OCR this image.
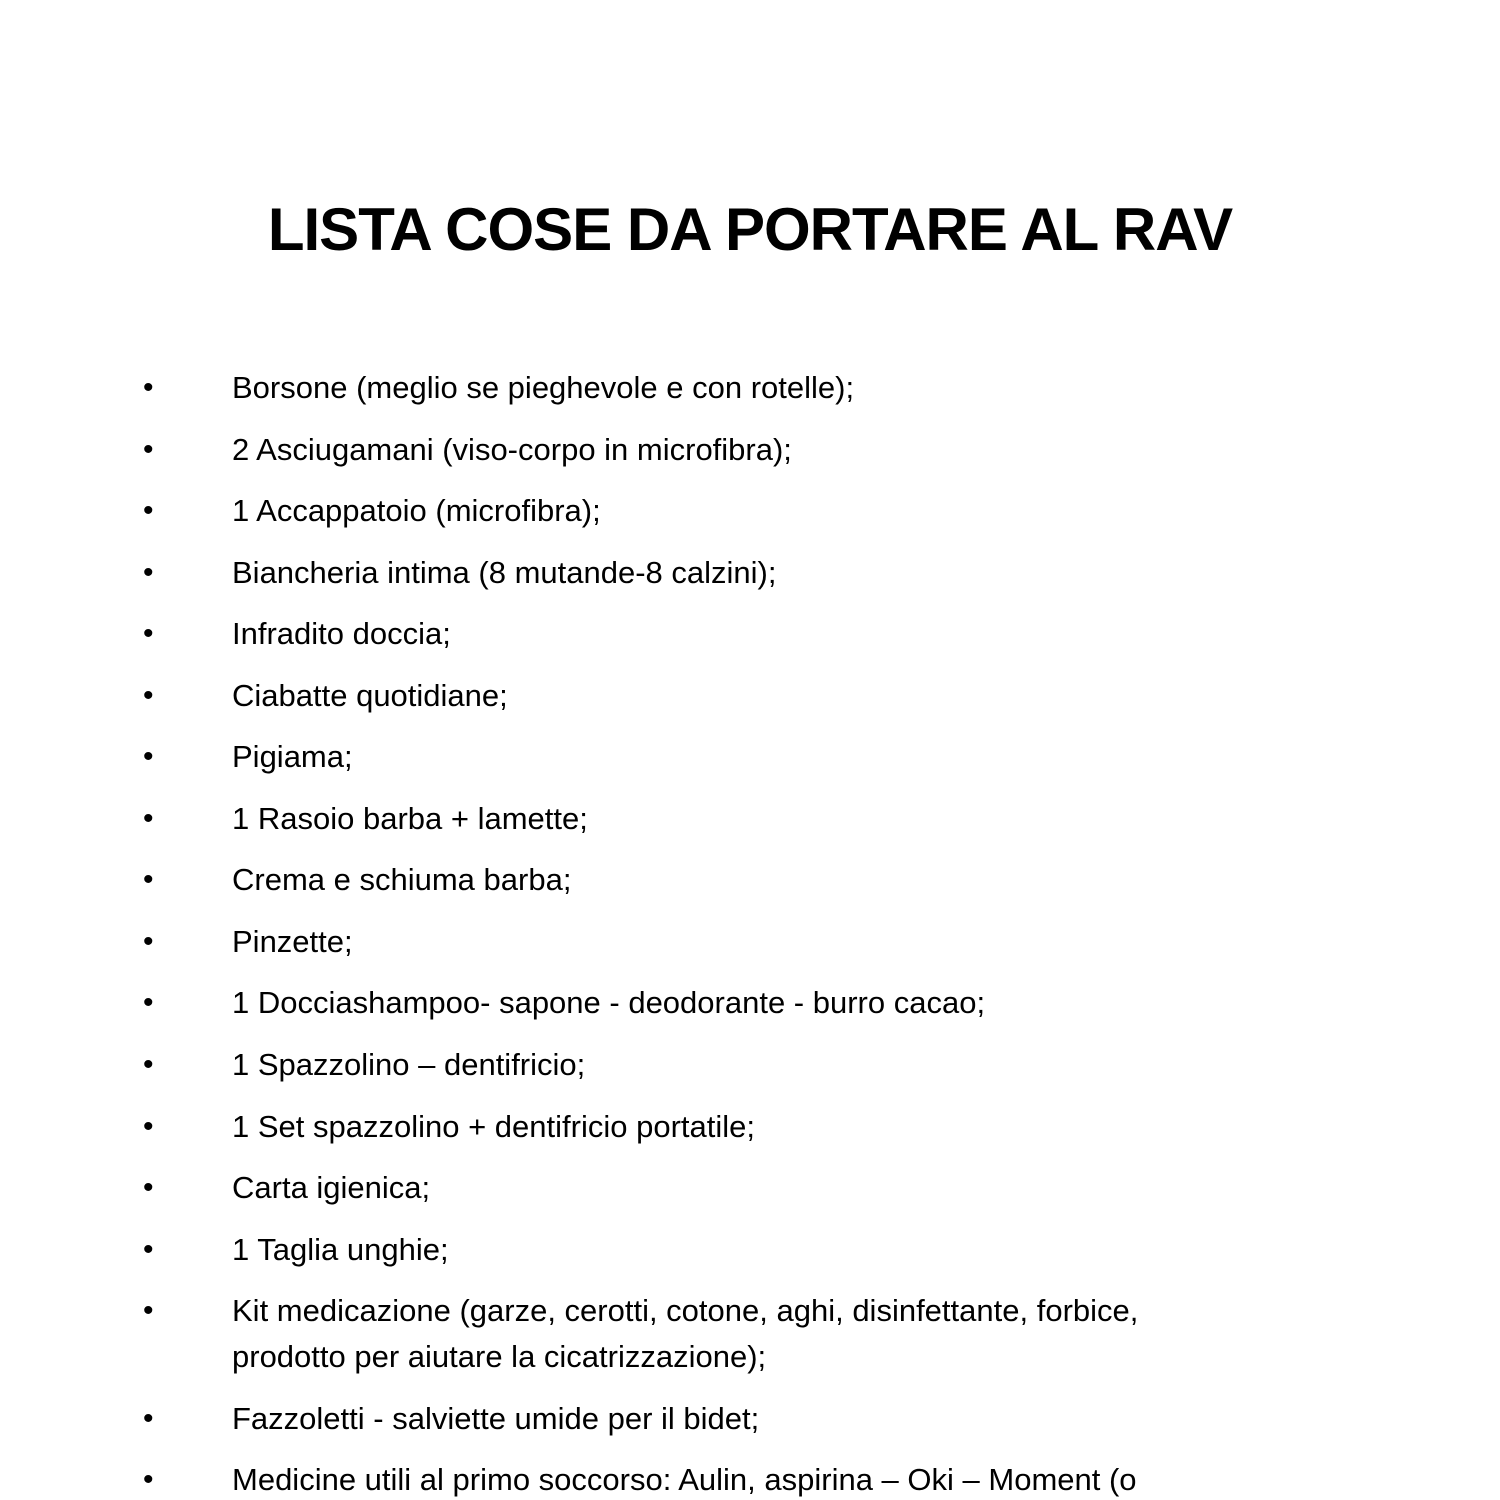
LISTA COSE DA PORTARE AL RAV
•	Borsone (meglio se pieghevole e con rotelle);
•	2 Asciugamani (viso-corpo in microfibra);
•	1 Accappatoio (microfibra);
•	Biancheria intima (8 mutande-8 calzini);
•	Infradito doccia;
•	Ciabatte quotidiane;
•	Pigiama;
•	1 Rasoio barba + lamette;
•	Crema e schiuma barba;
•	Pinzette;
•	1 Docciashampoo- sapone - deodorante - burro cacao;
•	1 Spazzolino – dentifricio;
•	1 Set spazzolino + dentifricio portatile;
•	Carta igienica;
•	1 Taglia unghie;
•	Kit medicazione (garze, cerotti, cotone, aghi, disinfettante, forbice,
prodotto per aiutare la cicatrizzazione);
•	Fazzoletti - salviette umide per il bidet;
•	Medicine utili al primo soccorso: Aulin, aspirina – Oki – Moment (o
